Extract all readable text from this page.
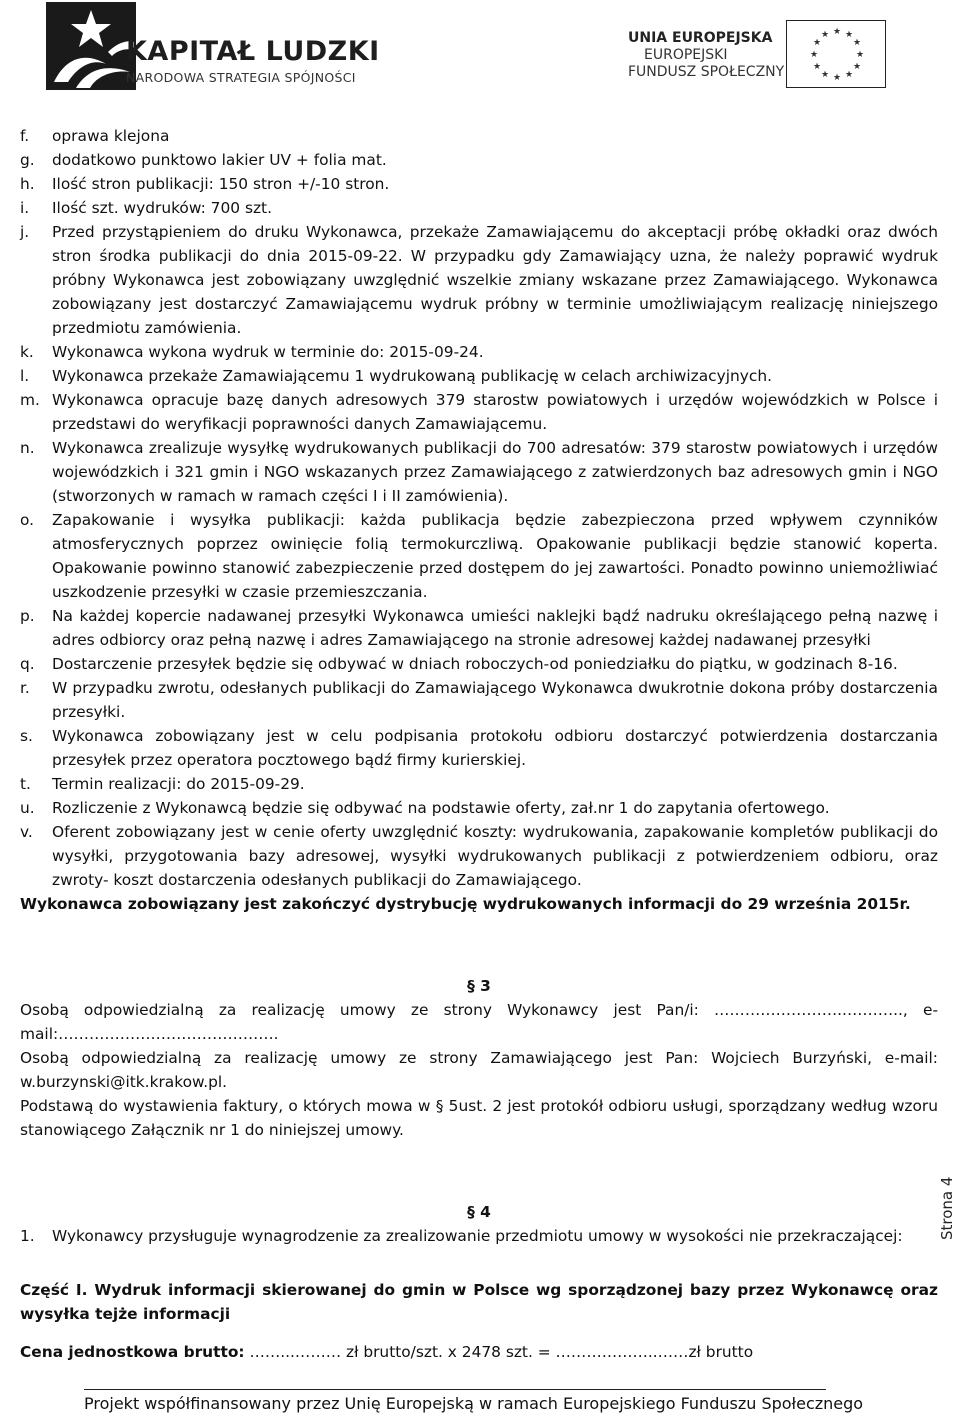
KAPITAŁ LUDZKI
NARODOWA STRATEGIA SPÓJNOŚCI
UNIA EUROPEJSKA
EUROPEJSKI
FUNDUSZ SPOŁECZNY
★ ★
★
★
★
★
★
★
★
★
★
★
f. oprawa klejona
g. dodatkowo punktowo lakier UV + folia mat.
h. Ilość stron publikacji: 150 stron +/-10 stron.
i. Ilość szt. wydruków: 700 szt.
j. Przed przystąpieniem do druku Wykonawca, przekaże Zamawiającemu do akceptacji próbę okładki oraz dwóch stron środka publikacji do dnia 2015-09-22. W przypadku gdy Zamawiający uzna, że należy poprawić wydruk próbny Wykonawca jest zobowiązany uwzględnić wszelkie zmiany wskazane przez Zamawiającego. Wykonawca zobowiązany jest dostarczyć Zamawiającemu wydruk próbny w terminie umożliwiającym realizację niniejszego przedmiotu zamówienia.
k. Wykonawca wykona wydruk w terminie do: 2015-09-24.
l. Wykonawca przekaże Zamawiającemu 1 wydrukowaną publikację w celach archiwizacyjnych.
m. Wykonawca opracuje bazę danych adresowych 379 starostw powiatowych i urzędów wojewódzkich w Polsce i przedstawi do weryfikacji poprawności danych Zamawiającemu.
n. Wykonawca zrealizuje wysyłkę wydrukowanych publikacji do 700 adresatów: 379 starostw powiatowych i urzędów wojewódzkich i 321 gmin i NGO wskazanych przez Zamawiającego z zatwierdzonych baz adresowych gmin i NGO (stworzonych w ramach w ramach części I i II zamówienia).
o. Zapakowanie i wysyłka publikacji: każda publikacja będzie zabezpieczona przed wpływem czynników atmosferycznych poprzez owinięcie folią termokurczliwą. Opakowanie publikacji będzie stanowić koperta. Opakowanie powinno stanowić zabezpieczenie przed dostępem do jej zawartości. Ponadto powinno uniemożliwiać uszkodzenie przesyłki w czasie przemieszczania.
p. Na każdej kopercie nadawanej przesyłki Wykonawca umieści naklejki bądź nadruku określającego pełną nazwę i adres odbiorcy oraz pełną nazwę i adres Zamawiającego na stronie adresowej każdej nadawanej przesyłki
q. Dostarczenie przesyłek będzie się odbywać w dniach roboczych-od poniedziałku do piątku, w godzinach 8-16.
r. W przypadku zwrotu, odesłanych publikacji do Zamawiającego Wykonawca dwukrotnie dokona próby dostarczenia przesyłki.
s. Wykonawca zobowiązany jest w celu podpisania protokołu odbioru dostarczyć potwierdzenia dostarczania przesyłek przez operatora pocztowego bądź firmy kurierskiej.
t. Termin realizacji: do 2015-09-29.
u. Rozliczenie z Wykonawcą będzie się odbywać na podstawie oferty, zał.nr 1 do zapytania ofertowego.
v. Oferent zobowiązany jest w cenie oferty uwzględnić koszty: wydrukowania, zapakowanie kompletów publikacji do wysyłki, przygotowania bazy adresowej, wysyłki wydrukowanych publikacji z potwierdzeniem odbioru, oraz zwroty- koszt dostarczenia odesłanych publikacji do Zamawiającego.
Wykonawca zobowiązany jest zakończyć dystrybucję wydrukowanych informacji do 29 września 2015r.
§ 3
Osobą odpowiedzialną za realizację umowy ze strony Wykonawcy jest Pan/i: ……………………..……….., e-mail:…………………………………….
Osobą odpowiedzialną za realizację umowy ze strony Zamawiającego jest Pan: Wojciech Burzyński, e-mail: w.burzynski@itk.krakow.pl.
Podstawą do wystawienia faktury, o których mowa w § 5ust. 2 jest protokół odbioru usługi, sporządzany według wzoru stanowiącego Załącznik nr 1 do niniejszej umowy.
§ 4
1. Wykonawcy przysługuje wynagrodzenie za zrealizowanie przedmiotu umowy w wysokości nie przekraczającej:
Część I. Wydruk informacji skierowanej do gmin w Polsce wg sporządzonej bazy przez Wykonawcę oraz wysyłka tejże informacji
Cena jednostkowa brutto: ……...……… zł brutto/szt. x 2478 szt. = ………………..……zł brutto
Strona 4
Projekt współfinansowany przez Unię Europejską w ramach Europejskiego Funduszu Społecznego
